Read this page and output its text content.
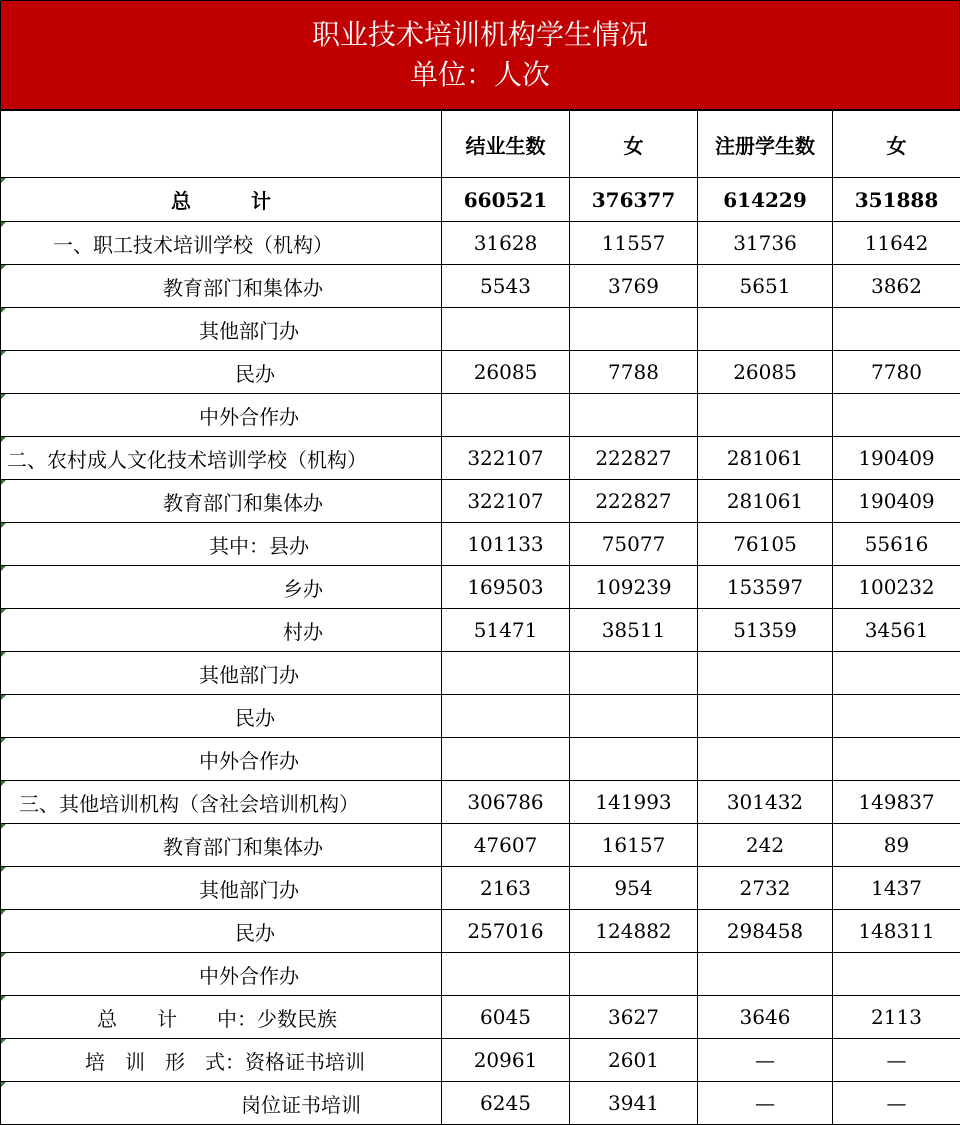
职业技术培训机构学生情况
单位：人次
	结业生数	女	注册学生数	女
总　　　计	660521	376377	614229	351888
一、职工技术培训学校（机构）	31628	11557	31736	11642
教育部门和集体办	5543	3769	5651	3862
其他部门办				
民办	26085	7788	26085	7780
中外合作办				
二、农村成人文化技术培训学校（机构）	322107	222827	281061	190409
教育部门和集体办	322107	222827	281061	190409
其中：县办	101133	75077	76105	55616
乡办	169503	109239	153597	100232
村办	51471	38511	51359	34561
其他部门办				
民办				
中外合作办				
三、其他培训机构（含社会培训机构）	306786	141993	301432	149837
教育部门和集体办	47607	16157	242	89
其他部门办	2163	954	2732	1437
民办	257016	124882	298458	148311
中外合作办				
总　　计　　中：少数民族	6045	3627	3646	2113
培　训　形　式：资格证书培训	20961	2601	—	—
岗位证书培训	6245	3941	—	—
